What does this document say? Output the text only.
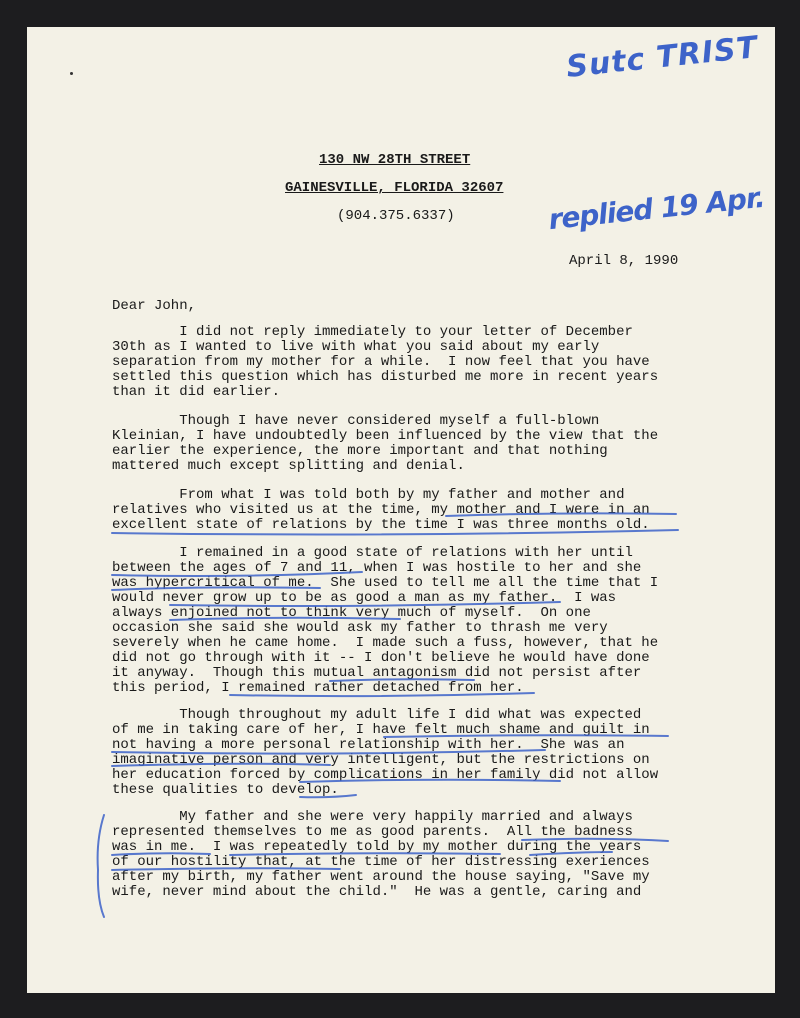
Sutc TRIST
replied 19 Apr.
130 NW 28TH STREET
GAINESVILLE, FLORIDA 32607
(904.375.6337)
April 8, 1990
Dear John,
I did not reply immediately to your letter of December
30th as I wanted to live with what you said about my early
separation from my mother for a while.  I now feel that you have
settled this question which has disturbed me more in recent years
than it did earlier.
Though I have never considered myself a full-blown
Kleinian, I have undoubtedly been influenced by the view that the
earlier the experience, the more important and that nothing
mattered much except splitting and denial.
From what I was told both by my father and mother and
relatives who visited us at the time, my mother and I were in an
excellent state of relations by the time I was three months old.
I remained in a good state of relations with her until
between the ages of 7 and 11, when I was hostile to her and she
was hypercritical of me.  She used to tell me all the time that I
would never grow up to be as good a man as my father.  I was
always enjoined not to think very much of myself.  On one
occasion she said she would ask my father to thrash me very
severely when he came home.  I made such a fuss, however, that he
did not go through with it -- I don't believe he would have done
it anyway.  Though this mutual antagonism did not persist after
this period, I remained rather detached from her.
Though throughout my adult life I did what was expected
of me in taking care of her, I have felt much shame and guilt in
not having a more personal relationship with her.  She was an
imaginative person and very intelligent, but the restrictions on
her education forced by complications in her family did not allow
these qualities to develop.
My father and she were very happily married and always
represented themselves to me as good parents.  All the badness
was in me.  I was repeatedly told by my mother during the years
of our hostility that, at the time of her distressing exeriences
after my birth, my father went around the house saying, "Save my
wife, never mind about the child."  He was a gentle, caring and
